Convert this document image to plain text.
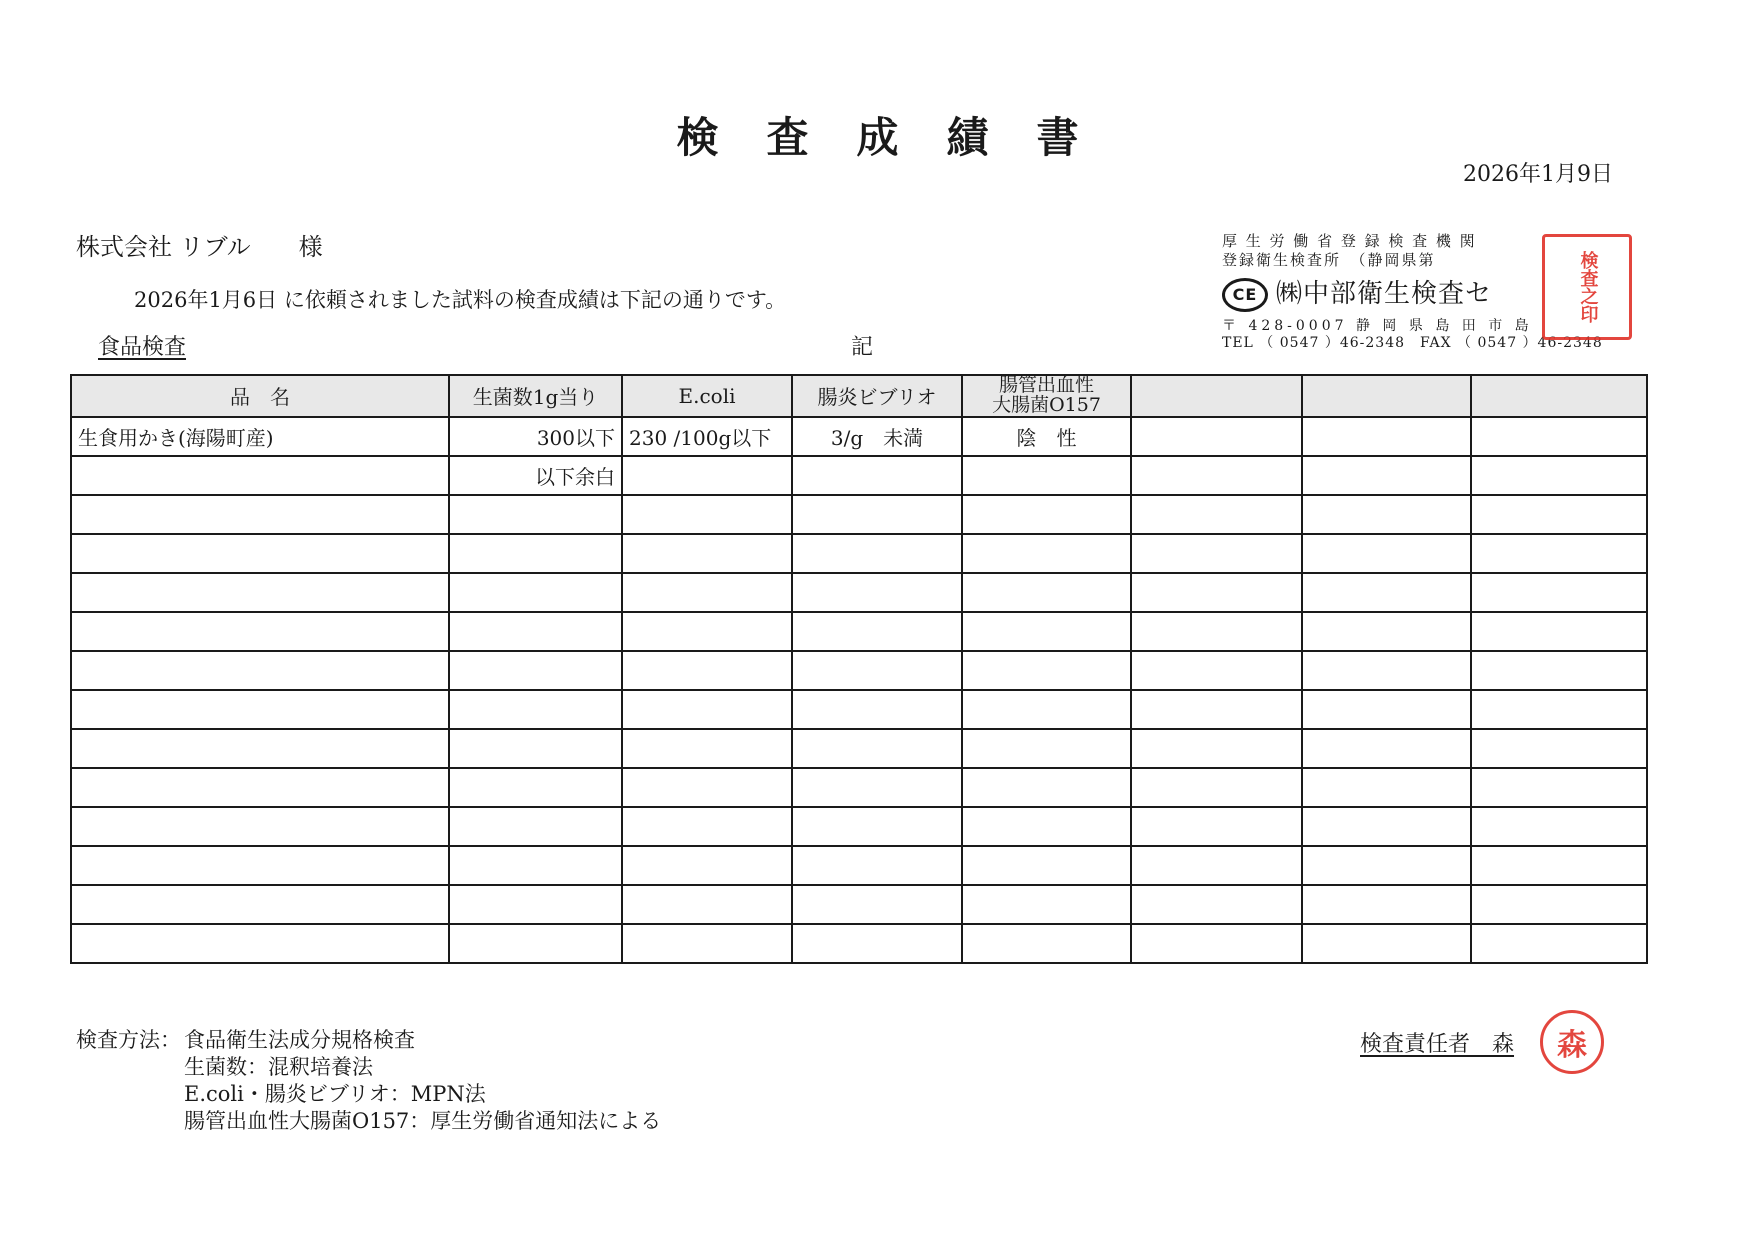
検査成績書
2026年1月9日
株式会社 リブル　　様
2026年1月6日 に依頼されました試料の検査成績は下記の通りです。
食品検査	記
厚 生 労 働 省 登 録 検 査 機 関
登録衛生検査所　（静岡県第
CE ㈱中部衛生検査セ
〒 428-0007 静 岡 県 島 田 市 島
TEL （ 0547 ）46-2348　FAX （ 0547 ）46-2348
検査之印
品　名	生菌数1g当り	E.coli	腸炎ビブリオ	腸管出血性
大腸菌O157			
生食用かき(海陽町産)	300以下	230 /100g以下	3/g　未満	陰　性			
	以下余白						

検査方法： 食品衛生法成分規格検査
生菌数：混釈培養法
E.coli・腸炎ビブリオ：MPN法
腸管出血性大腸菌O157：厚生労働省通知法による
検査責任者　森	森
